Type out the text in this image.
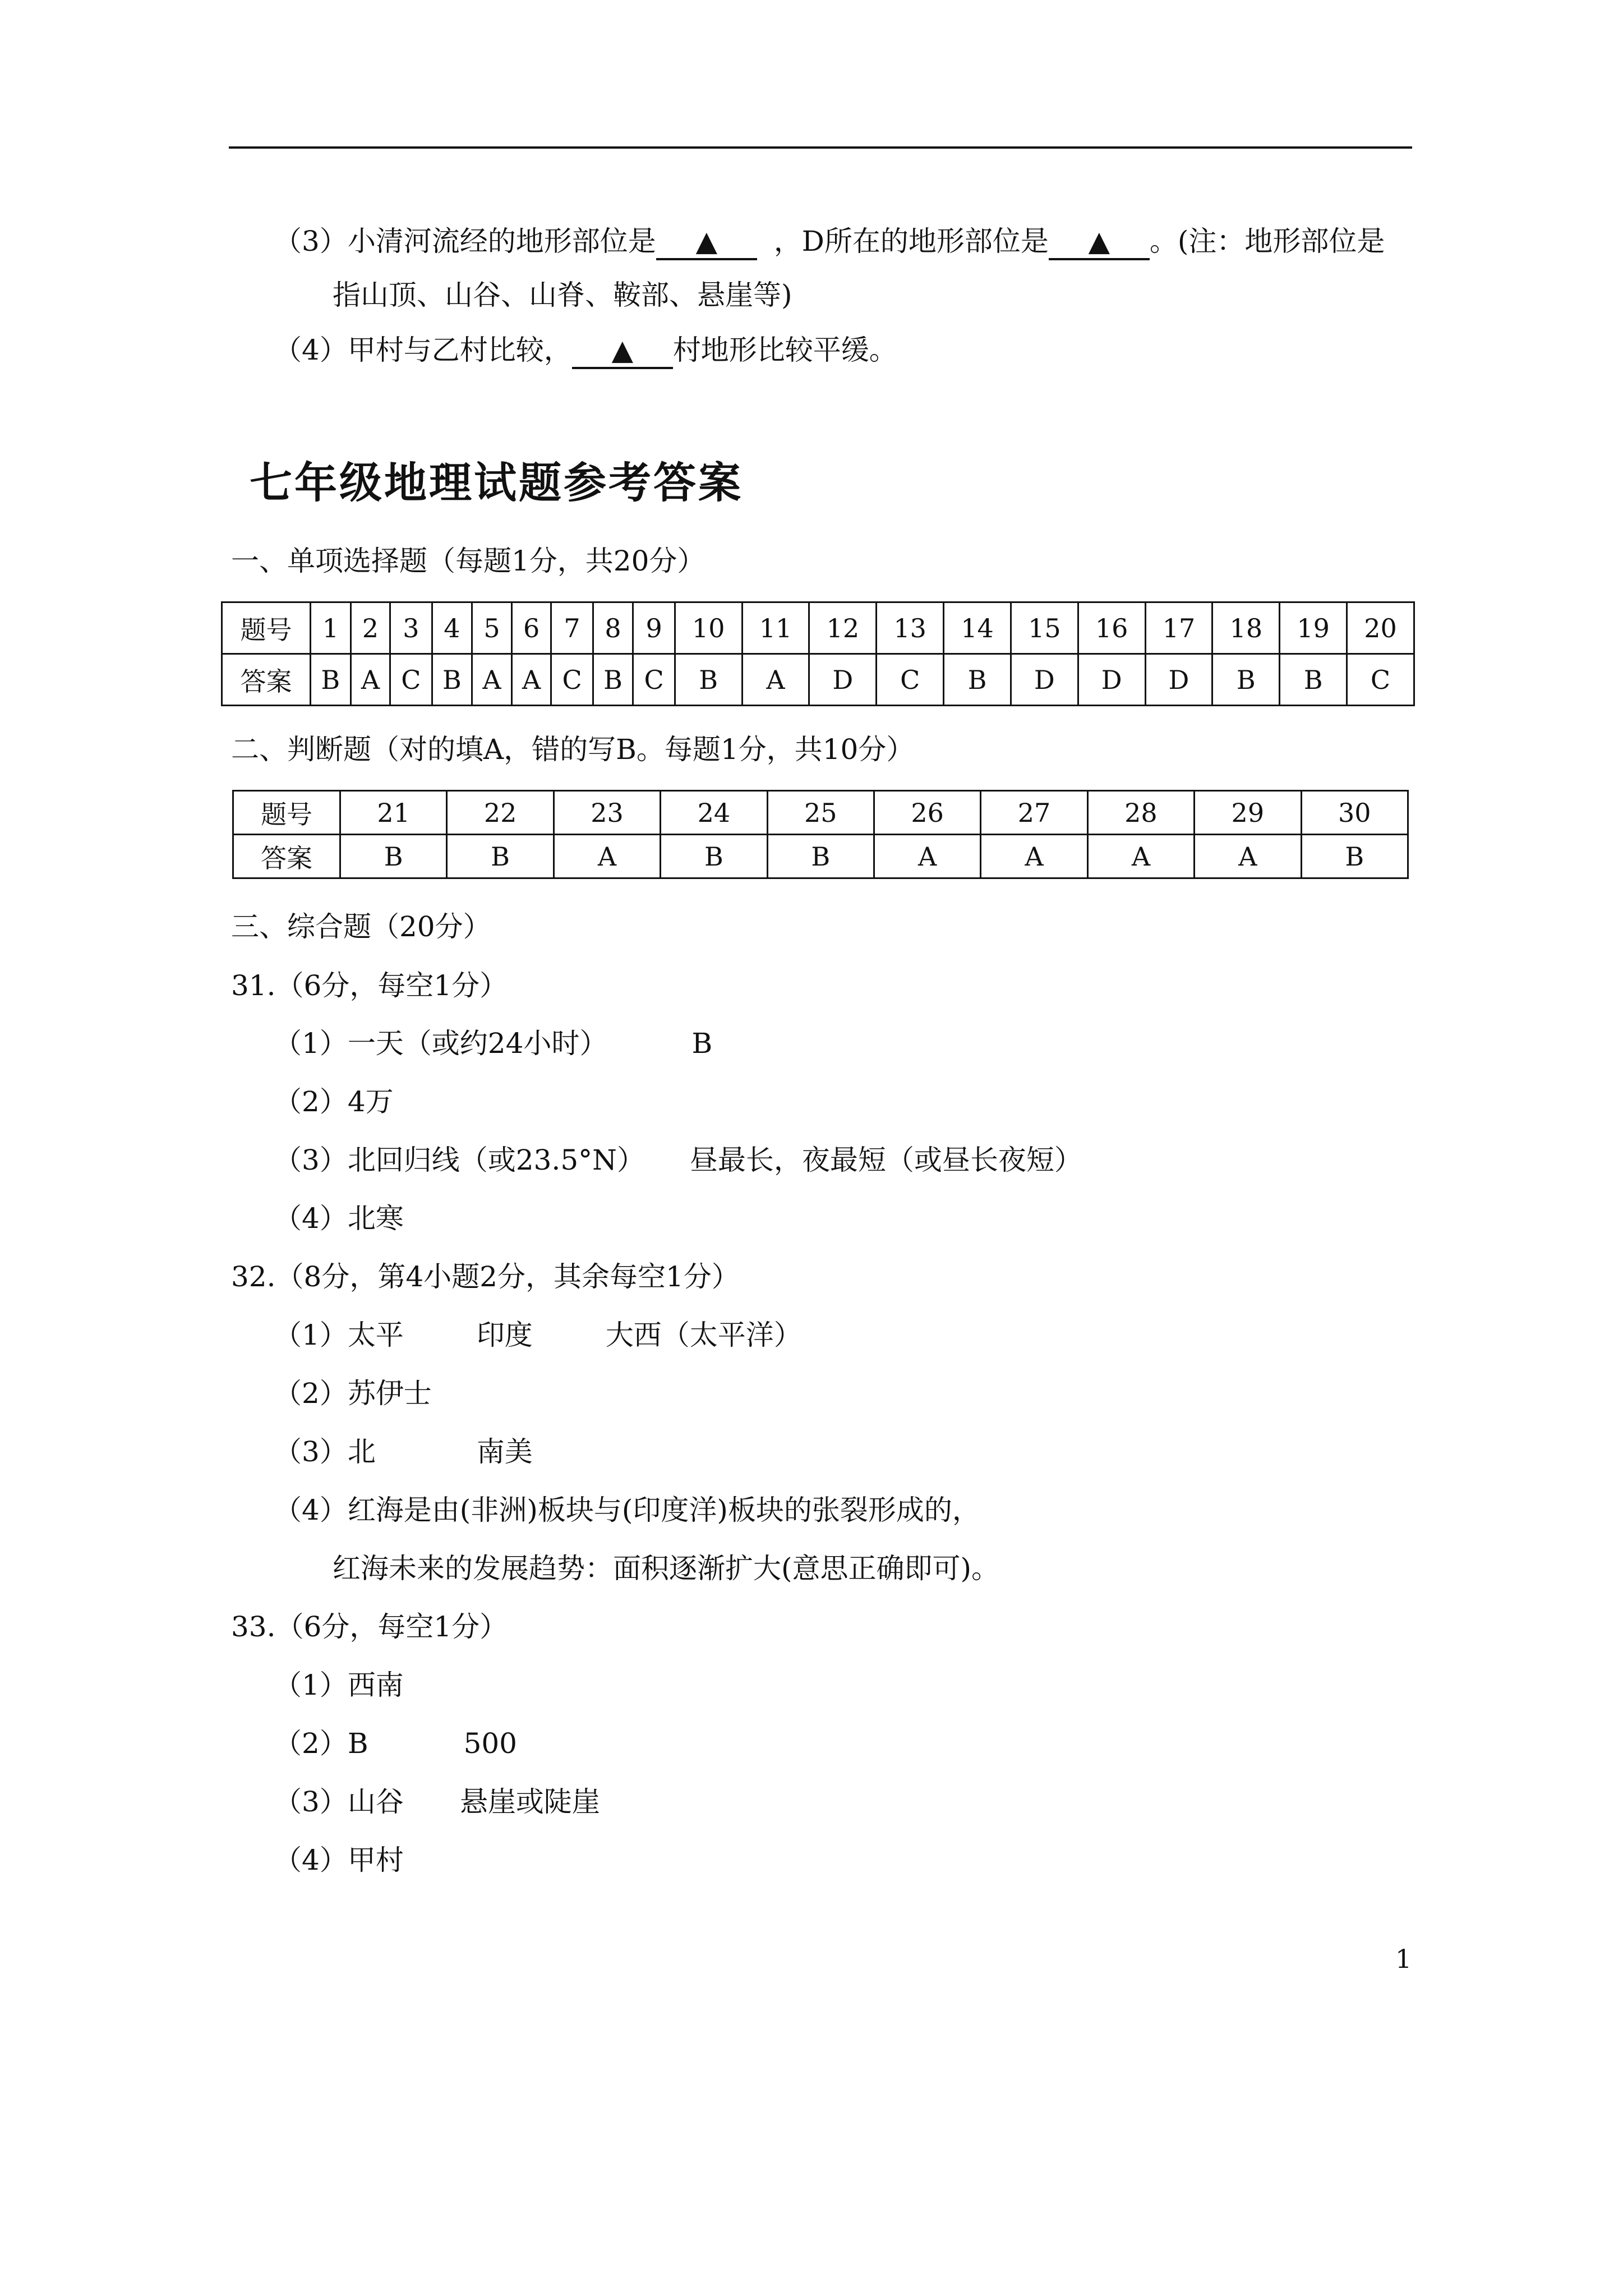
（3）小清河流经的地形部位是 ▲ ，D所在的地形部位是 ▲ 。(注：地形部位是
指山顶、山谷、山脊、鞍部、悬崖等)
（4）甲村与乙村比较， ▲ 村地形比较平缓。
七年级地理试题参考答案
一、单项选择题（每题1分，共20分）
题号	1	2	3	4	5	6	7	8	9	10	11	12	13	14	15	16	17	18	19	20
答案	B	A	C	B	A	A	C	B	C	B	A	D	C	B	D	D	D	B	B	C
二、判断题（对的填A，错的写B。每题1分，共10分）
题号	21	22	23	24	25	26	27	28	29	30
答案	B	B	A	B	B	A	A	A	A	B
三、综合题（20分）
31.（6分，每空1分）
（1）一天（或约24小时）	B
（2）4万
（3）北回归线（或23.5°N） 昼最长，夜最短（或昼长夜短）
（4）北寒
32.（8分，第4小题2分，其余每空1分）
（1）太平	印度	大西（太平洋）
（2）苏伊士
（3）北	南美
（4）红海是由(非洲)板块与(印度洋)板块的张裂形成的，
红海未来的发展趋势：面积逐渐扩大(意思正确即可)。
33.（6分，每空1分）
（1）西南
（2）B	500
（3）山谷 悬崖或陡崖
（4）甲村
1
